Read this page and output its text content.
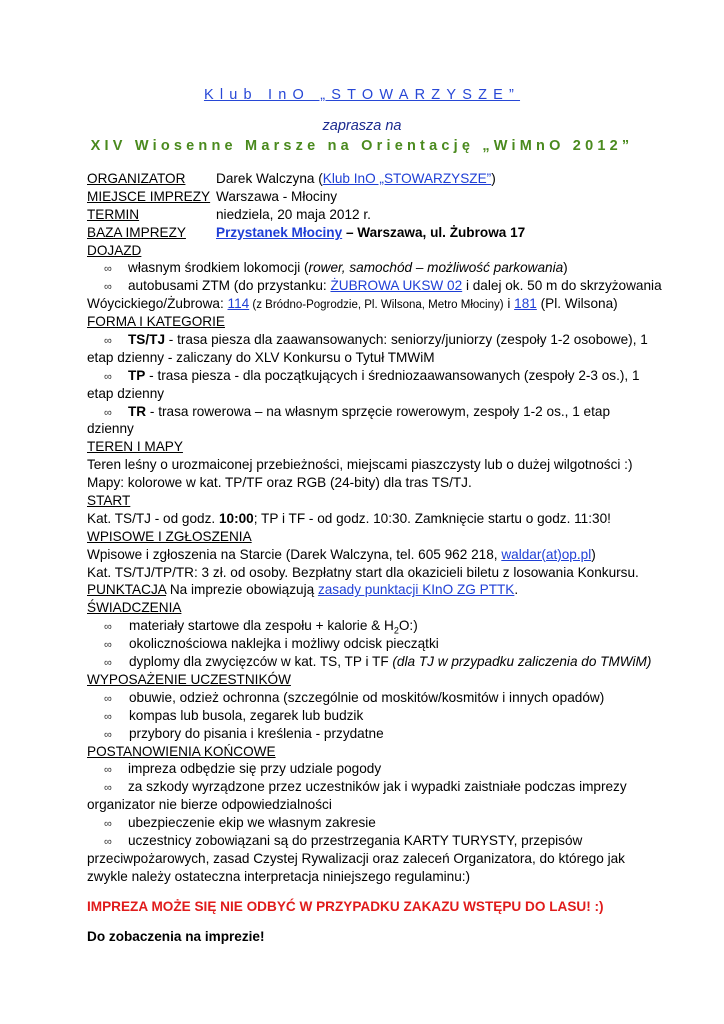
Klub InO „STOWARZYSZE”
zaprasza na
XIV Wiosenne Marsze na Orientację „WiMnO 2012”
ORGANIZATOR	Darek Walczyna (Klub InO „STOWARZYSZE”)
MIEJSCE IMPREZY Warszawa - Młociny
TERMIN	niedziela, 20 maja 2012 r.
BAZA IMPREZY	Przystanek Młociny – Warszawa, ul. Żubrowa 17
DOJAZD
∞ własnym środkiem lokomocji (rower, samochód – możliwość parkowania)
∞ autobusami ZTM (do przystanku: ŻUBROWA UKSW 02 i dalej ok. 50 m do skrzyżowania
Wóycickiego/Żubrowa: 114 (z Bródno-Pogrodzie, Pl. Wilsona, Metro Młociny) i 181 (Pl. Wilsona)
FORMA I KATEGORIE
∞ TS/TJ - trasa piesza dla zaawansowanych: seniorzy/juniorzy (zespoły 1-2 osobowe), 1
etap dzienny - zaliczany do XLV Konkursu o Tytuł TMWiM
∞ TP - trasa piesza - dla początkujących i średniozaawansowanych (zespoły 2-3 os.), 1
etap dzienny
∞ TR - trasa rowerowa – na własnym sprzęcie rowerowym, zespoły 1-2 os., 1 etap
dzienny
TEREN I MAPY
Teren leśny o urozmaiconej przebieżności, miejscami piaszczysty lub o dużej wilgotności :)
Mapy: kolorowe w kat. TP/TF oraz RGB (24-bity) dla tras TS/TJ.
START
Kat. TS/TJ - od godz. 10:00; TP i TF - od godz. 10:30. Zamknięcie startu o godz. 11:30!
WPISOWE I ZGŁOSZENIA
Wpisowe i zgłoszenia na Starcie (Darek Walczyna, tel. 605 962 218, waldar(at)op.pl)
Kat. TS/TJ/TP/TR: 3 zł. od osoby. Bezpłatny start dla okazicieli biletu z losowania Konkursu.
PUNKTACJA Na imprezie obowiązują zasady punktacji KInO ZG PTTK.
ŚWIADCZENIA
∞ materiały startowe dla zespołu + kalorie & $H_2O$:)
∞ okolicznościowa naklejka i możliwy odcisk pieczątki
∞ dyplomy dla zwycięzców w kat. TS, TP i TF (dla TJ w przypadku zaliczenia do TMWiM)
WYPOSAŻENIE UCZESTNIKÓW
∞ obuwie, odzież ochronna (szczególnie od moskitów/kosmitów i innych opadów)
∞ kompas lub busola, zegarek lub budzik
∞ przybory do pisania i kreślenia - przydatne
POSTANOWIENIA KOŃCOWE
∞ impreza odbędzie się przy udziale pogody
∞ za szkody wyrządzone przez uczestników jak i wypadki zaistniałe podczas imprezy
organizator nie bierze odpowiedzialności
∞ ubezpieczenie ekip we własnym zakresie
∞ uczestnicy zobowiązani są do przestrzegania KARTY TURYSTY, przepisów
przeciwpożarowych, zasad Czystej Rywalizacji oraz zaleceń Organizatora, do którego jak
zwykle należy ostateczna interpretacja niniejszego regulaminu:)
IMPREZA MOŻE SIĘ NIE ODBYĆ W PRZYPADKU ZAKAZU WSTĘPU DO LASU! :)
Do zobaczenia na imprezie!
